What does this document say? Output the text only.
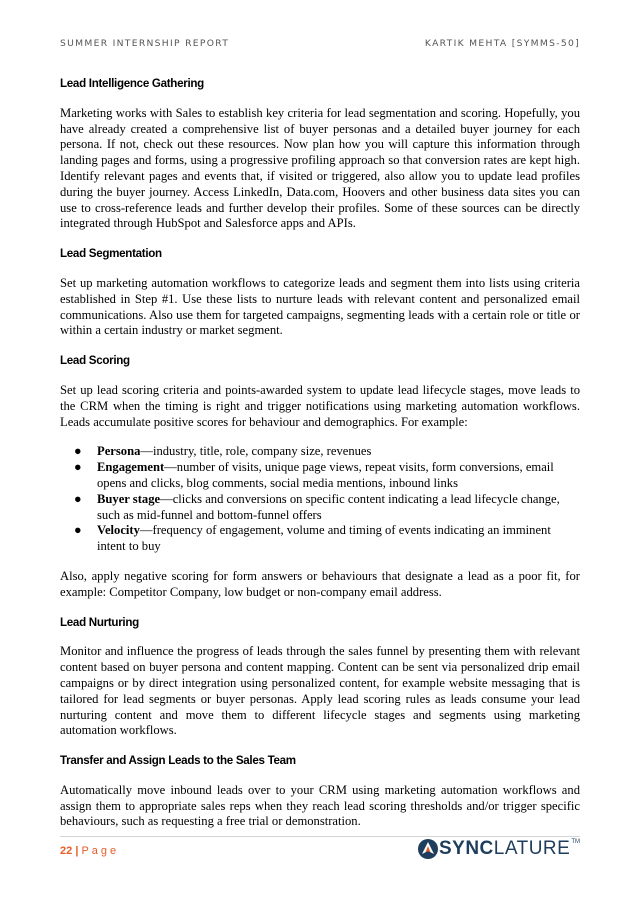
SUMMER INTERNSHIP REPORT	KARTIK MEHTA [SYMMS-50]
Lead Intelligence Gathering

Marketing works with Sales to establish key criteria for lead segmentation and scoring. Hopefully, you have already created a comprehensive list of buyer personas and a detailed buyer journey for each persona. If not, check out these resources. Now plan how you will capture this information through landing pages and forms, using a progressive profiling approach so that conversion rates are kept high. Identify relevant pages and events that, if visited or triggered, also allow you to update lead profiles during the buyer journey. Access LinkedIn, Data.com, Hoovers and other business data sites you can use to cross-reference leads and further develop their profiles. Some of these sources can be directly integrated through HubSpot and Salesforce apps and APIs.

Lead Segmentation

Set up marketing automation workflows to categorize leads and segment them into lists using criteria established in Step #1. Use these lists to nurture leads with relevant content and personalized email communications. Also use them for targeted campaigns, segmenting leads with a certain role or title or within a certain industry or market segment.

Lead Scoring

Set up lead scoring criteria and points-awarded system to update lead lifecycle stages, move leads to the CRM when the timing is right and trigger notifications using marketing automation workflows. Leads accumulate positive scores for behaviour and demographics. For example:

● Persona—industry, title, role, company size, revenues
● Engagement—number of visits, unique page views, repeat visits, form conversions, email opens and clicks, blog comments, social media mentions, inbound links
● Buyer stage—clicks and conversions on specific content indicating a lead lifecycle change, such as mid-funnel and bottom-funnel offers
● Velocity—frequency of engagement, volume and timing of events indicating an imminent intent to buy

Also, apply negative scoring for form answers or behaviours that designate a lead as a poor fit, for example: Competitor Company, low budget or non-company email address.

Lead Nurturing

Monitor and influence the progress of leads through the sales funnel by presenting them with relevant content based on buyer persona and content mapping. Content can be sent via personalized drip email campaigns or by direct integration using personalized content, for example website messaging that is tailored for lead segments or buyer personas. Apply lead scoring rules as leads consume your lead nurturing content and move them to different lifecycle stages and segments using marketing automation workflows.

Transfer and Assign Leads to the Sales Team

Automatically move inbound leads over to your CRM using marketing automation workflows and assign them to appropriate sales reps when they reach lead scoring thresholds and/or trigger specific behaviours, such as requesting a free trial or demonstration.

22 | Page	SYNC LATURE TM
